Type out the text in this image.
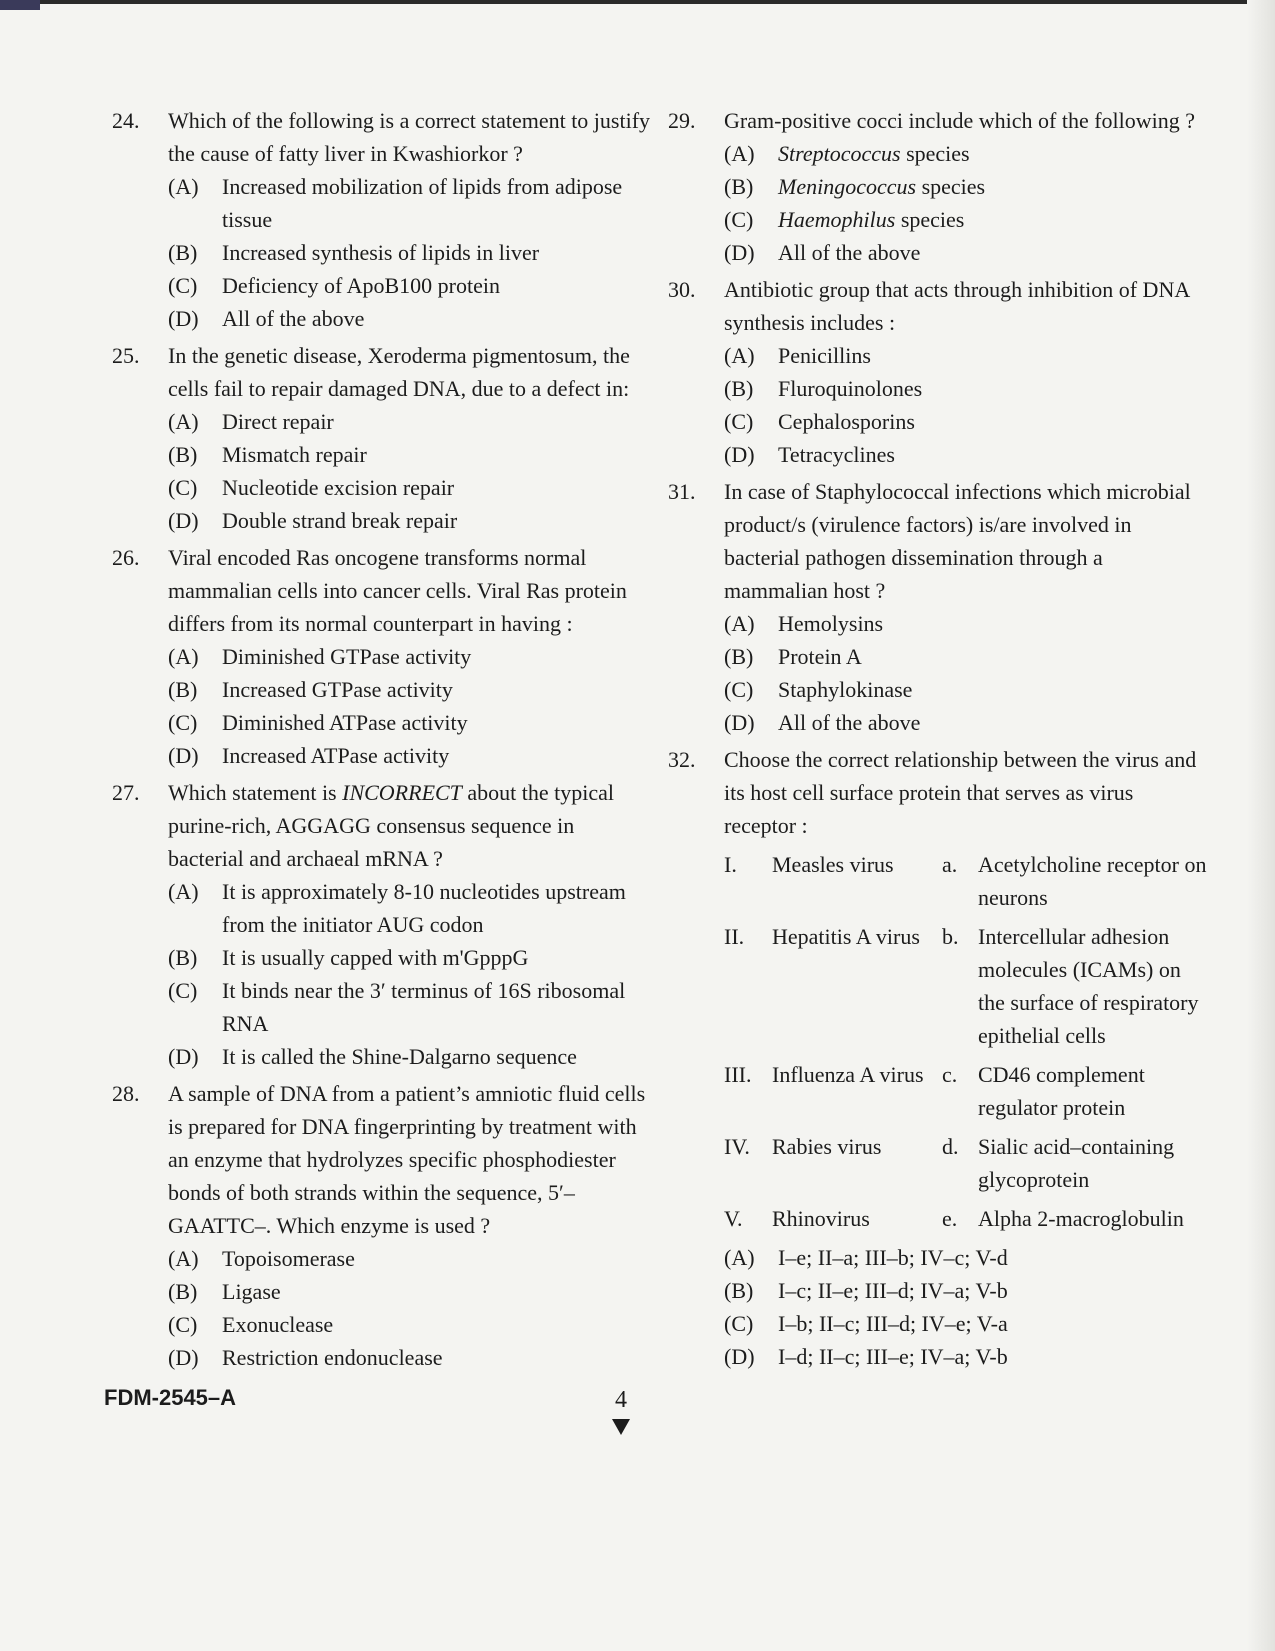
24.	Which of the following is a correct statement to justify the cause of fatty liver in Kwashiorkor ?
(A)	Increased mobilization of lipids from adipose tissue
(B)	Increased synthesis of lipids in liver
(C)	Deficiency of ApoB100 protein
(D)	All of the above
25.	In the genetic disease, Xeroderma pigmentosum, the cells fail to repair damaged DNA, due to a defect in:
(A)	Direct repair
(B)	Mismatch repair
(C)	Nucleotide excision repair
(D)	Double strand break repair
26.	Viral encoded Ras oncogene transforms normal mammalian cells into cancer cells. Viral Ras protein differs from its normal counterpart in having :
(A)	Diminished GTPase activity
(B)	Increased GTPase activity
(C)	Diminished ATPase activity
(D)	Increased ATPase activity
27.	Which statement is INCORRECT about the typical purine-rich, AGGAGG consensus sequence in bacterial and archaeal mRNA ?
(A)	It is approximately 8-10 nucleotides upstream from the initiator AUG codon
(B)	It is usually capped with m'GpppG
(C)	It binds near the 3′ terminus of 16S ribosomal RNA
(D)	It is called the Shine-Dalgarno sequence
28.	A sample of DNA from a patient’s amniotic fluid cells is prepared for DNA fingerprinting by treatment with an enzyme that hydrolyzes specific phosphodiester bonds of both strands within the sequence, 5′–GAATTC–. Which enzyme is used ?
(A)	Topoisomerase
(B)	Ligase
(C)	Exonuclease
(D)	Restriction endonuclease
29.	Gram-positive cocci include which of the following ?
(A)	Streptococcus species
(B)	Meningococcus species
(C)	Haemophilus species
(D)	All of the above
30.	Antibiotic group that acts through inhibition of DNA synthesis includes :
(A)	Penicillins
(B)	Fluroquinolones
(C)	Cephalosporins
(D)	Tetracyclines
31.	In case of Staphylococcal infections which microbial product/s (virulence factors) is/are involved in bacterial pathogen dissemination through a mammalian host ?
(A)	Hemolysins
(B)	Protein A
(C)	Staphylokinase
(D)	All of the above
32.	Choose the correct relationship between the virus and its host cell surface protein that serves as virus receptor :
I.	Measles virus	a. Acetylcholine receptor on neurons
II.	Hepatitis A virus	b. Intercellular adhesion molecules (ICAMs) on the surface of respiratory epithelial cells
III. Influenza A virus c. CD46 complement regulator protein
IV.	Rabies virus	d. Sialic acid–containing glycoprotein
V.	Rhinovirus	e. Alpha 2-macroglobulin
(A)	I–e; II–a; III–b; IV–c; V-d
(B)	I–c; II–e; III–d; IV–a; V-b
(C)	I–b; II–c; III–d; IV–e; V-a
(D)	I–d; II–c; III–e; IV–a; V-b
FDM-2545–A	4
